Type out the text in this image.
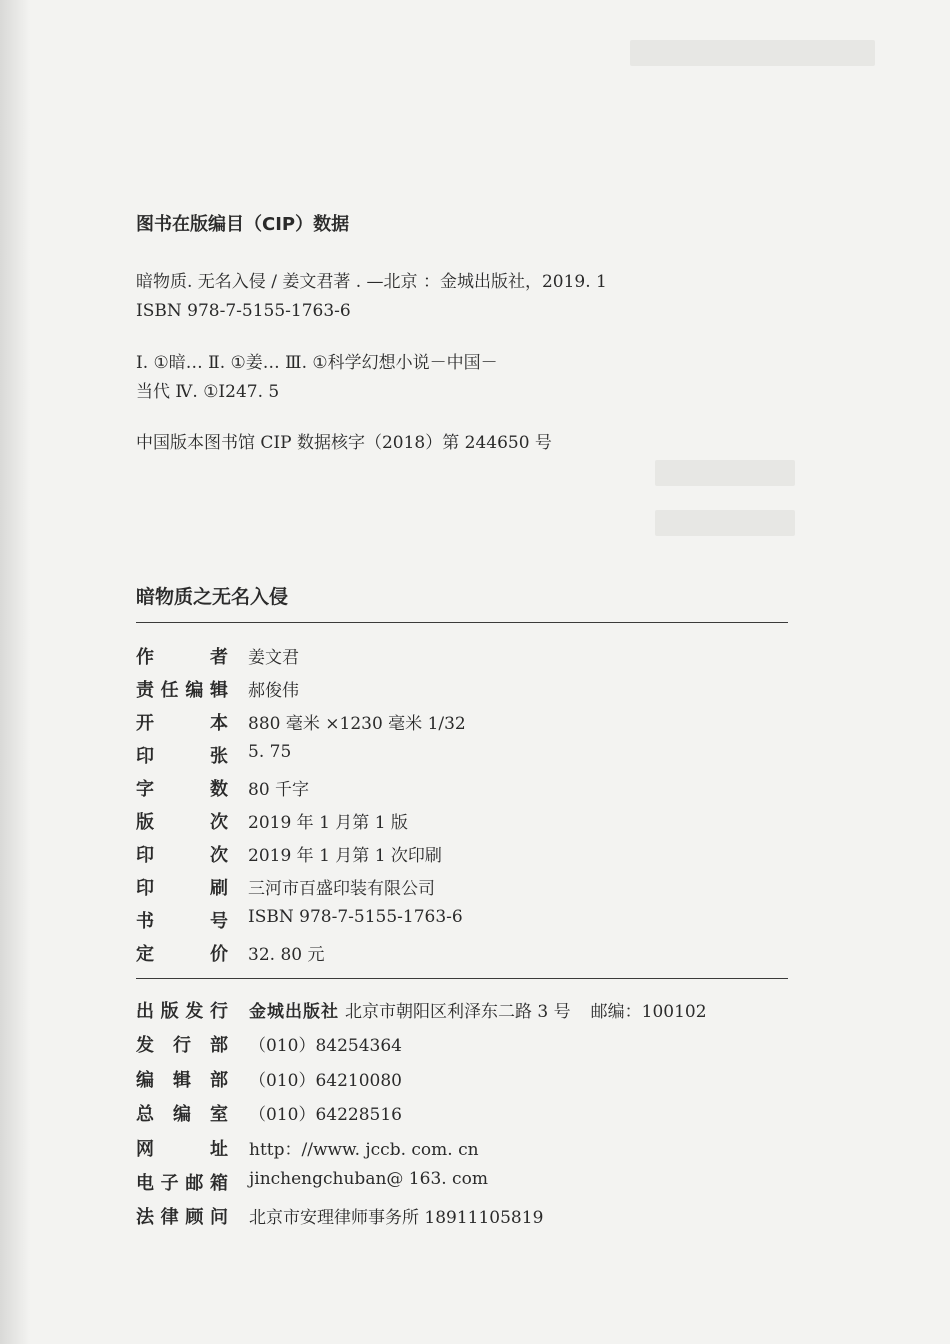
图书在版编目（CIP）数据
暗物质. 无名入侵 / 姜文君著 . —北京 ：金城出版社，2019. 1
ISBN 978-7-5155-1763-6
Ⅰ. ①暗… Ⅱ. ①姜… Ⅲ. ①科学幻想小说－中国－
当代 Ⅳ. ①I247. 5
中国版本图书馆 CIP 数据核字（2018）第 244650 号
暗物质之无名入侵
作者 姜文君
责任编辑 郝俊伟
开本 880 毫米 ×1230 毫米 1/32
印张 5. 75
字数 80 千字
版次 2019 年 1 月第 1 版
印次 2019 年 1 月第 1 次印刷
印刷 三河市百盛印装有限公司
书号 ISBN 978-7-5155-1763-6
定价 32. 80 元
出版发行 金城出版社 北京市朝阳区利泽东二路 3 号 邮编：100102
发行部 （010）84254364
编辑部 （010）64210080
总编室 （010）64228516
网址 http：//www. jccb. com. cn
电子邮箱 jinchengchuban@ 163. com
法律顾问 北京市安理律师事务所 18911105819
